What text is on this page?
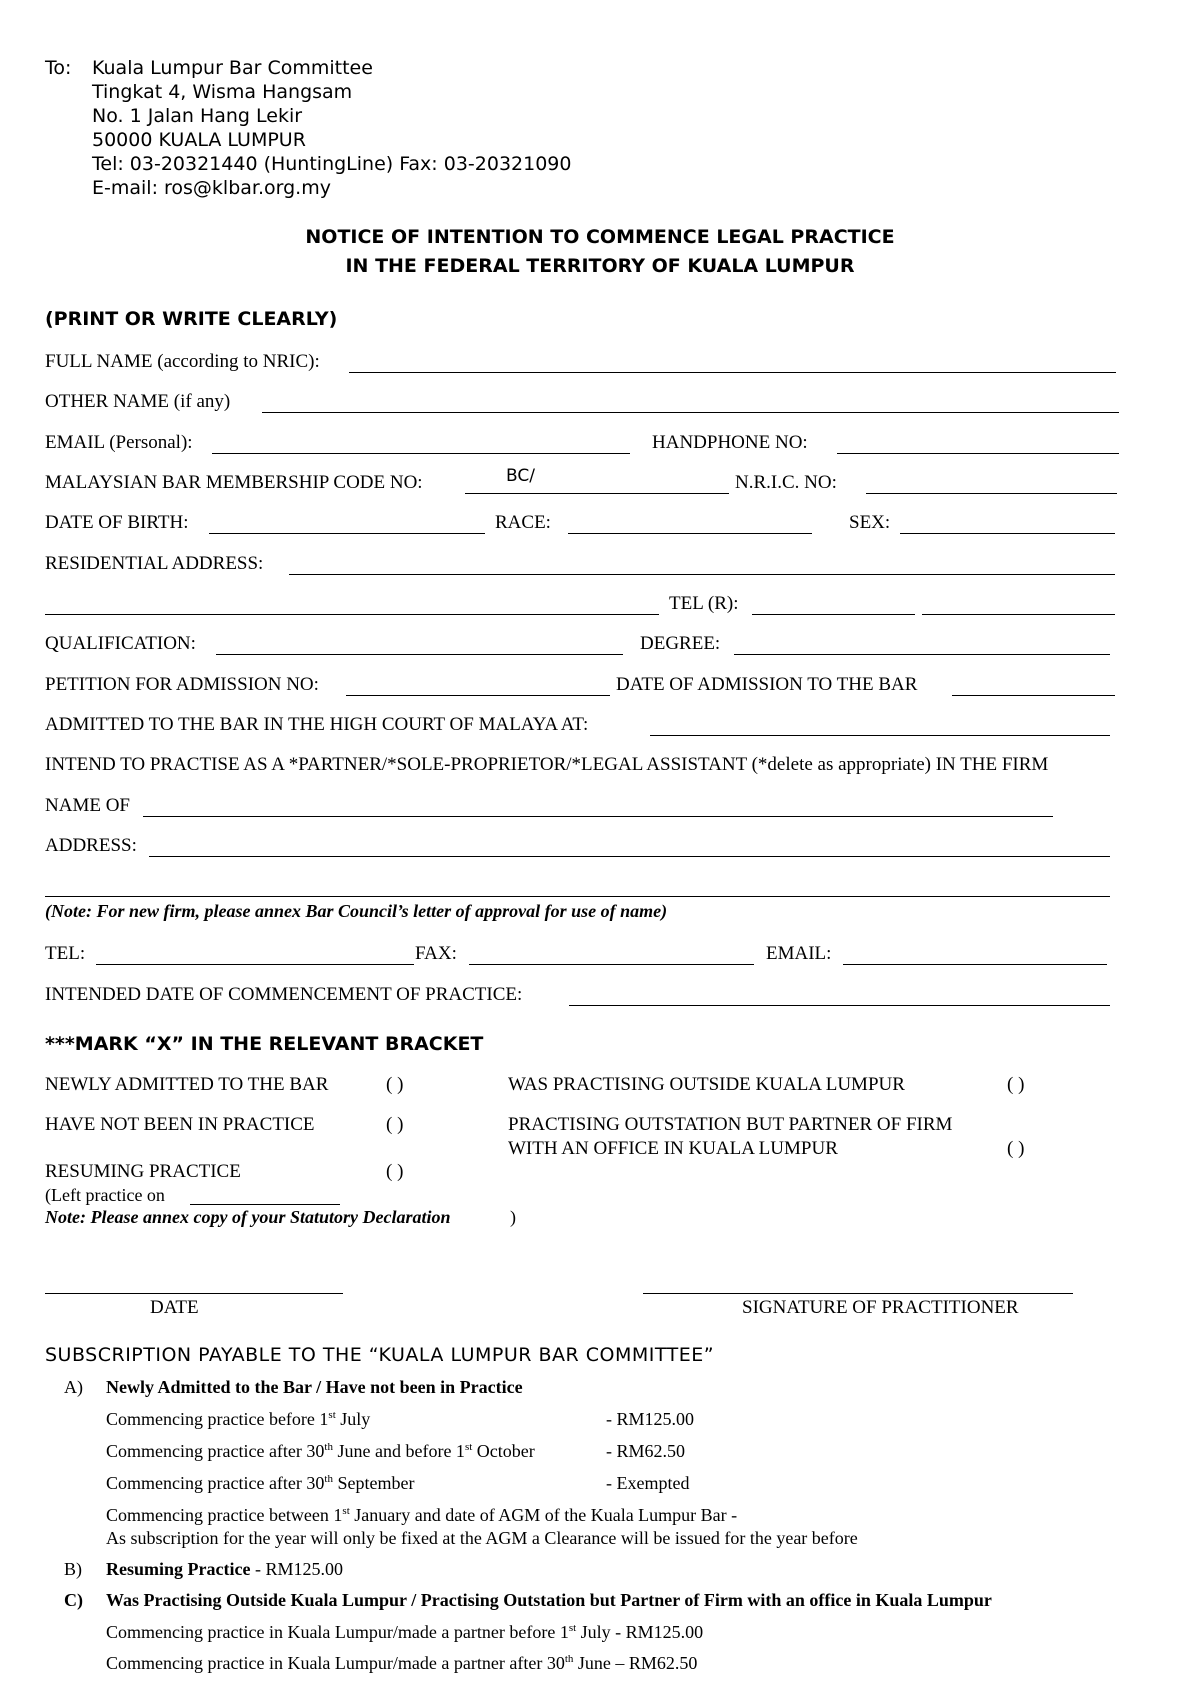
To: Kuala Lumpur Bar Committee
Tingkat 4, Wisma Hangsam
No. 1 Jalan Hang Lekir
50000 KUALA LUMPUR
Tel: 03-20321440 (HuntingLine) Fax: 03-20321090
E-mail: ros@klbar.org.my
NOTICE OF INTENTION TO COMMENCE LEGAL PRACTICE
IN THE FEDERAL TERRITORY OF KUALA LUMPUR
(PRINT OR WRITE CLEARLY)
FULL NAME (according to NRIC):
OTHER NAME (if any)
EMAIL (Personal):	HANDPHONE NO:
MALAYSIAN BAR MEMBERSHIP CODE NO:	BC/	N.R.I.C. NO:
DATE OF BIRTH:	RACE:	SEX:
RESIDENTIAL ADDRESS:
TEL (R):
QUALIFICATION:	DEGREE:
PETITION FOR ADMISSION NO:	DATE OF ADMISSION TO THE BAR
ADMITTED TO THE BAR IN THE HIGH COURT OF MALAYA AT:
INTEND TO PRACTISE AS A *PARTNER/*SOLE-PROPRIETOR/*LEGAL ASSISTANT (*delete as appropriate) IN THE FIRM
NAME OF
ADDRESS:
(Note: For new firm, please annex Bar Council’s letter of approval for use of name)
TEL:	FAX:	EMAIL:
INTENDED DATE OF COMMENCEMENT OF PRACTICE:
***MARK “X” IN THE RELEVANT BRACKET
NEWLY ADMITTED TO THE BAR	( )	WAS PRACTISING OUTSIDE KUALA LUMPUR	( )
HAVE NOT BEEN IN PRACTICE	( )	PRACTISING OUTSTATION BUT PARTNER OF FIRM
WITH AN OFFICE IN KUALA LUMPUR	( )
RESUMING PRACTICE	( )
(Left practice on
Note: Please annex copy of your Statutory Declaration	)
DATE	SIGNATURE OF PRACTITIONER
SUBSCRIPTION PAYABLE TO THE “KUALA LUMPUR BAR COMMITTEE”
A) Newly Admitted to the Bar / Have not been in Practice
Commencing practice before 1st July	- RM125.00
Commencing practice after 30th June and before 1st October	- RM62.50
Commencing practice after 30th September	- Exempted
Commencing practice between 1st January and date of AGM of the Kuala Lumpur Bar -
As subscription for the year will only be fixed at the AGM a Clearance will be issued for the year before
B) Resuming Practice - RM125.00
C) Was Practising Outside Kuala Lumpur / Practising Outstation but Partner of Firm with an office in Kuala Lumpur
Commencing practice in Kuala Lumpur/made a partner before 1st July - RM125.00
Commencing practice in Kuala Lumpur/made a partner after 30th June – RM62.50
